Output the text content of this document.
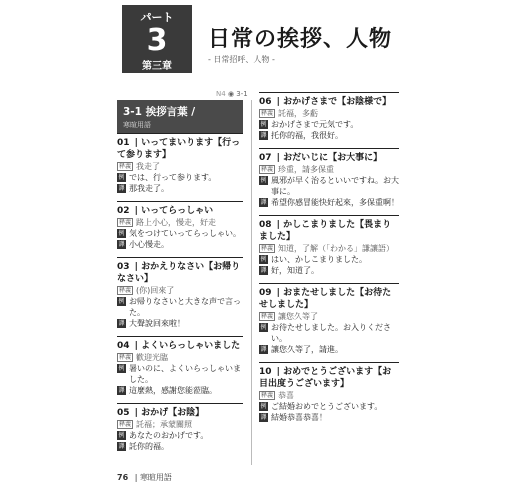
パート
3
第三章
日常の挨拶、人物
- 日常招呼、人物 -
N4 ◉ 3-1
3-1 挨拶言葉 /
寒暄用語
01 | いってまいります【行って参ります】
释義 我走了
例 では、行って参ります。
譯 那我走了。
02 | いってらっしゃい
释義 路上小心，慢走，好走
例 気をつけていってらっしゃい。
譯 小心慢走。
03 | おかえりなさい【お帰りなさい】
释義 (你)回來了
例 お帰りなさいと大きな声で言った。
譯 大聲說回來啦！
04 | よくいらっしゃいました
释義 歡迎光臨
例 暑いのに、よくいらっしゃいました。
譯 這麼熱，感謝您能蒞臨。
05 | おかげ【お陰】
释義 託福；承蒙關照
例 あなたのおかげです。
譯 託你的福。
06 | おかげさまで【お陰様で】
释義 託福，多虧
例 おかげさまで元気です。
譯 托你的福，我很好。
07 | おだいじに【お大事に】
释義 珍重，請多保重
例 風邪が早く治るといいですね。お大事に。
譯 希望你感冒能快好起來，多保重啊！
08 | かしこまりました【畏まりました】
释義 知道，了解（「わかる」謙讓語）
例 はい、かしこまりました。
譯 好，知道了。
09 | おまたせしました【お待たせしました】
释義 讓您久等了
例 お待たせしました。お入りください。
譯 讓您久等了，請進。
10 | おめでとうございます【お目出度うございます】
释義 恭喜
例 ご結婚おめでとうございます。
譯 結婚恭喜恭喜！
76 | 寒暄用語
